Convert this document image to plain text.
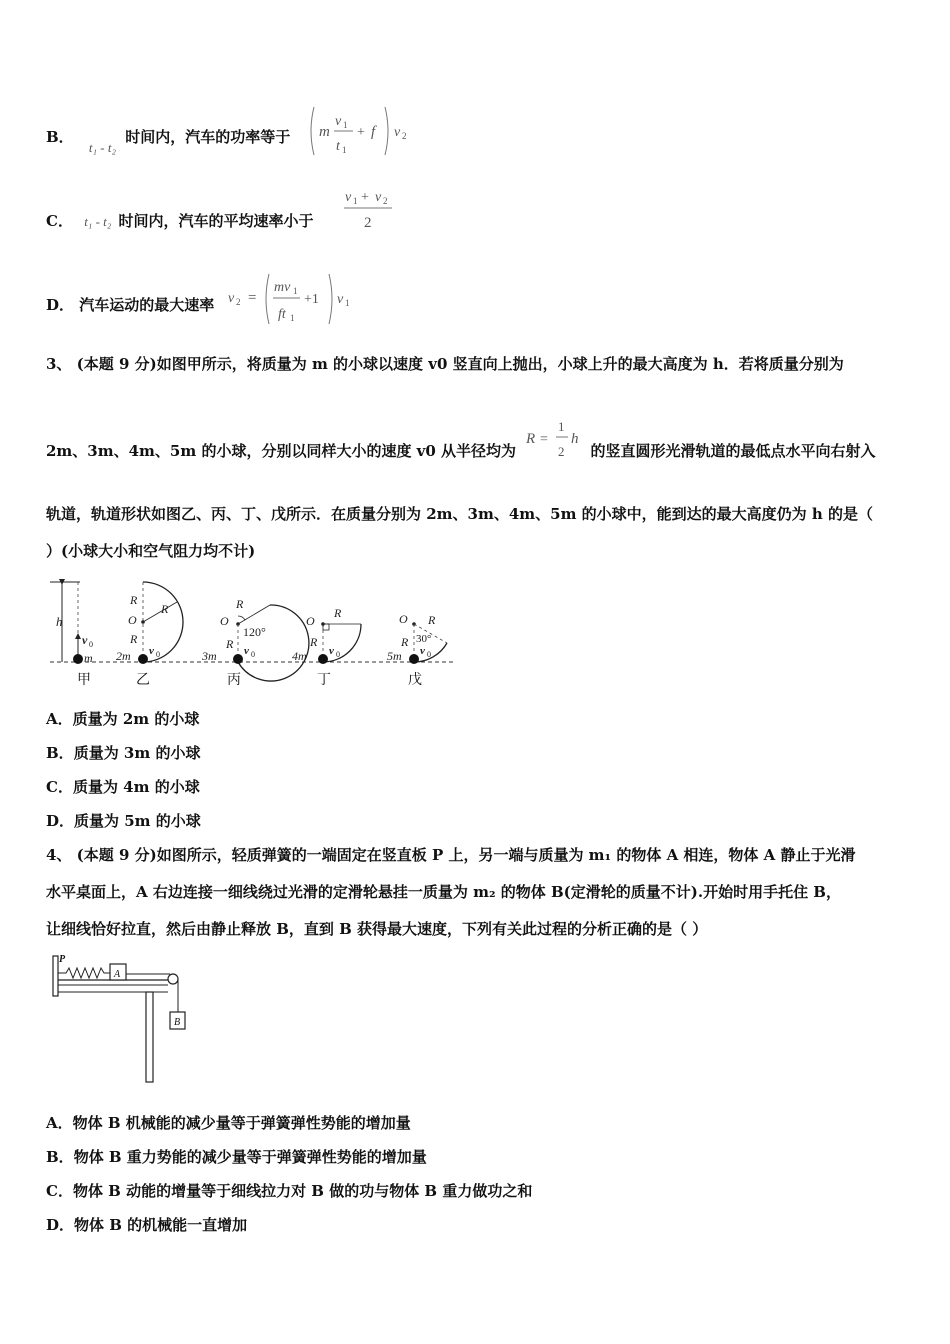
B． t₁ - t₂ 时间内，汽车的功率等于 m
v 1
t 1
+ f v 2
C． t₁ - t₂ 时间内，汽车的平均速率小于
v 1 + v 2
2
D． 汽车运动的最大速率 v 2 =
mv 1
ft 1
+1 v 1
3、 (本题 9 分)如图甲所示，将质量为 m 的小球以速度 v0 竖直向上抛出，小球上升的最大高度为 h．若将质量分别为
2m、3m、4m、5m 的小球，分别以同样大小的速度 v0 从半径均为	的竖直圆形光滑轨道的最低点水平向右射入
R =
1
2
h
轨道，轨道形状如图乙、丙、丁、戊所示．在质量分别为 2m、3m、4m、5m 的小球中，能到达的最大高度仍为 h 的是（
）(小球大小和空气阻力均不计)
h
v 0
m
R
O
R
R
2m v 0
O
R
120°
R
3m v 0
O
R
R
4m v 0
O R
30°
R
5m v 0
甲	乙	丙	丁	戊
A．质量为 2m 的小球
B．质量为 3m 的小球
C．质量为 4m 的小球
D．质量为 5m 的小球
4、 (本题 9 分)如图所示，轻质弹簧的一端固定在竖直板 P 上，另一端与质量为 m₁ 的物体 A 相连，物体 A 静止于光滑
水平桌面上，A 右边连接一细线绕过光滑的定滑轮悬挂一质量为 m₂ 的物体 B(定滑轮的质量不计).开始时用手托住 B，
让细线恰好拉直，然后由静止释放 B，直到 B 获得最大速度，下列有关此过程的分析正确的是（ ）
P
A
B
A．物体 B 机械能的减少量等于弹簧弹性势能的增加量
B．物体 B 重力势能的减少量等于弹簧弹性势能的增加量
C．物体 B 动能的增量等于细线拉力对 B 做的功与物体 B 重力做功之和
D．物体 B 的机械能一直增加
